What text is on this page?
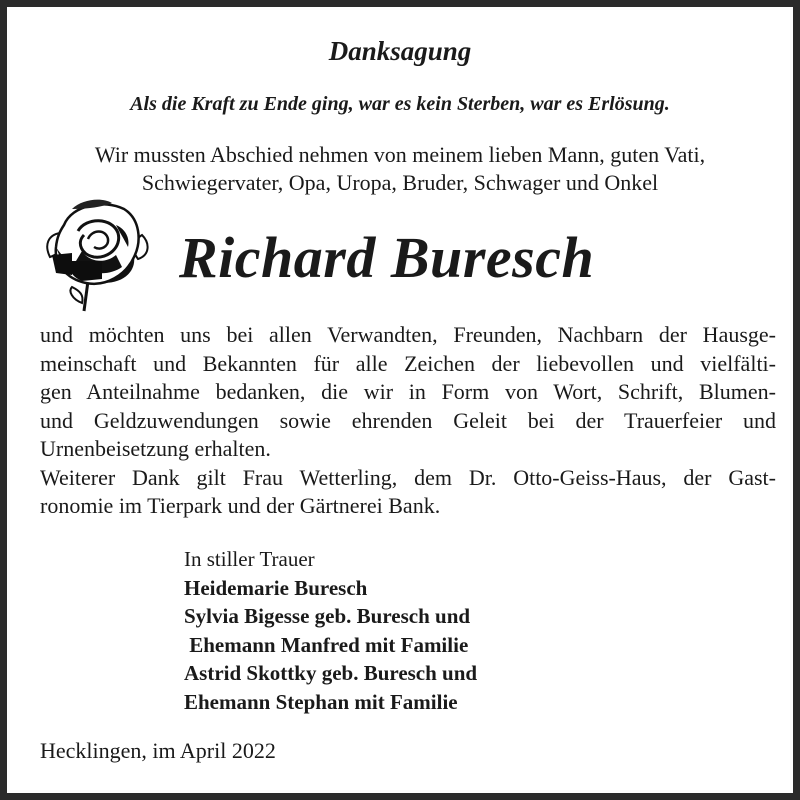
Danksagung
Als die Kraft zu Ende ging, war es kein Sterben, war es Erlösung.
Wir mussten Abschied nehmen von meinem lieben Mann, guten Vati,
Schwiegervater, Opa, Uropa, Bruder, Schwager und Onkel
Richard Buresch
und möchten uns bei allen Verwandten, Freunden, Nachbarn der Hausge-
meinschaft und Bekannten für alle Zeichen der liebevollen und vielfälti-
gen Anteilnahme bedanken, die wir in Form von Wort, Schrift, Blumen-
und Geldzuwendungen sowie ehrenden Geleit bei der Trauerfeier und
Urnenbeisetzung erhalten.
Weiterer Dank gilt Frau Wetterling, dem Dr. Otto-Geiss-Haus, der Gast-
ronomie im Tierpark und der Gärtnerei Bank.
In stiller Trauer
Heidemarie Buresch
Sylvia Bigesse geb. Buresch und
Ehemann Manfred mit Familie
Astrid Skottky geb. Buresch und
Ehemann Stephan mit Familie
Hecklingen, im April 2022
